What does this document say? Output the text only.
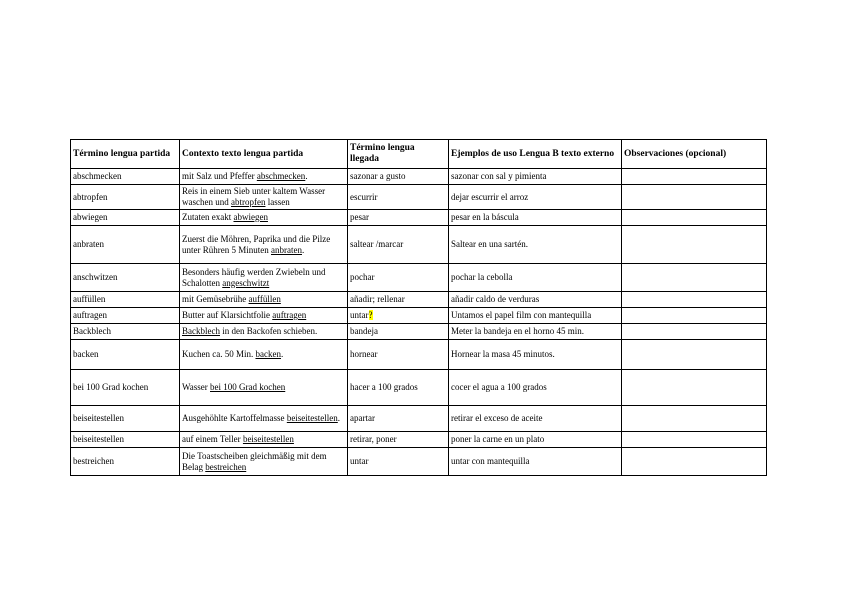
Término lengua partida	Contexto texto lengua partida	Término lengua llegada	Ejemplos de uso Lengua B texto externo	Observaciones (opcional)
abschmecken	mit Salz und Pfeffer abschmecken.	sazonar a gusto	sazonar con sal y pimienta	
abtropfen	Reis in einem Sieb unter kaltem Wasser waschen und abtropfen lassen	escurrir	dejar escurrir el arroz	
abwiegen	Zutaten exakt abwiegen	pesar	pesar en la báscula	
anbraten	Zuerst die Möhren, Paprika und die Pilze unter Rühren 5 Minuten anbraten.	saltear /marcar	Saltear en una sartén.	
anschwitzen	Besonders häufig werden Zwiebeln und Schalotten angeschwitzt	pochar	pochar la cebolla	
auffüllen	mit Gemüsebrühe auffüllen	añadir; rellenar	añadir caldo de verduras	
auftragen	Butter auf Klarsichtfolie auftragen	untar?	Untamos el papel film con mantequilla	
Backblech	Backblech in den Backofen schieben.	bandeja	Meter la bandeja en el horno 45 min.	
backen	Kuchen ca. 50 Min. backen.	hornear	Hornear la masa 45 minutos.	
bei 100 Grad kochen	Wasser bei 100 Grad kochen	hacer a 100 grados	cocer el agua a 100 grados	
beiseitestellen	Ausgehöhlte Kartoffelmasse beiseitestellen.	apartar	retirar el exceso de aceite	
beiseitestellen	auf einem Teller beiseitestellen	retirar, poner	poner la carne en un plato	
bestreichen	Die Toastscheiben gleichmäßig mit dem Belag bestreichen	untar	untar con mantequilla	
